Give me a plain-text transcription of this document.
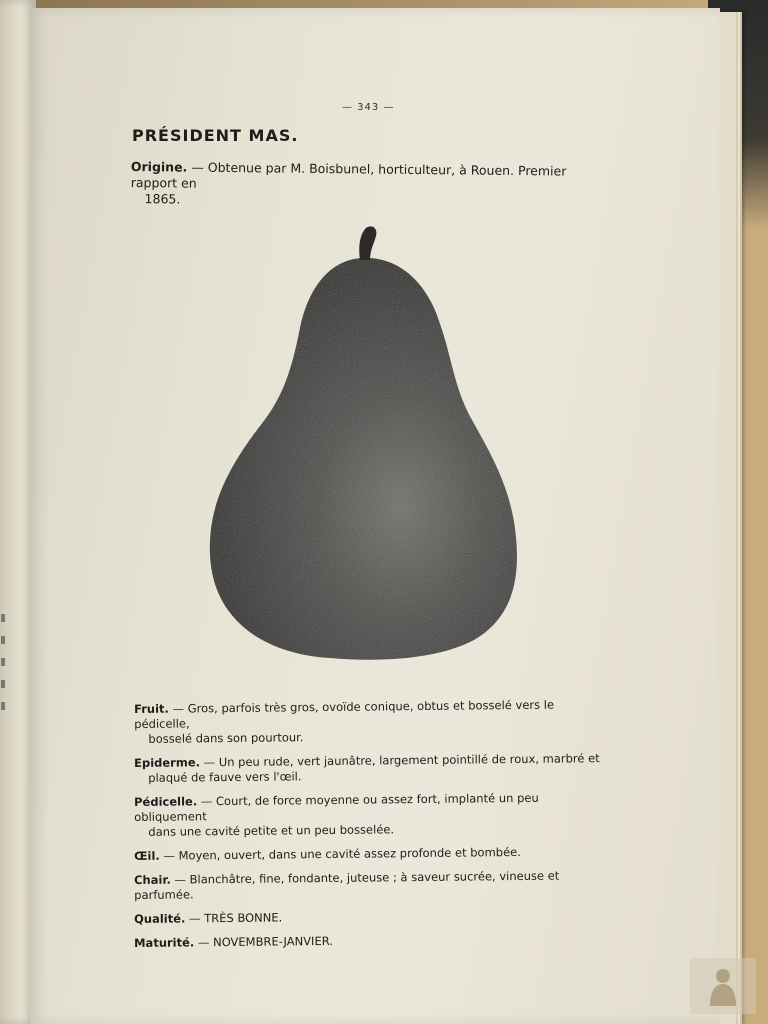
— 343 —
PRÉSIDENT MAS.
Origine. — Obtenue par M. Boisbunel, horticulteur, à Rouen. Premier rapport en
1865.
Fruit. — Gros, parfois très gros, ovoïde conique, obtus et bosselé vers le pédicelle,
bosselé dans son pourtour.
Epiderme. — Un peu rude, vert jaunâtre, largement pointillé de roux, marbré et
plaqué de fauve vers l'œil.
Pédicelle. — Court, de force moyenne ou assez fort, implanté un peu obliquement
dans une cavité petite et un peu bosselée.
Œil. — Moyen, ouvert, dans une cavité assez profonde et bombée.
Chair. — Blanchâtre, fine, fondante, juteuse ; à saveur sucrée, vineuse et parfumée.
Qualité. — TRÈS BONNE.
Maturité. — NOVEMBRE-JANVIER.
